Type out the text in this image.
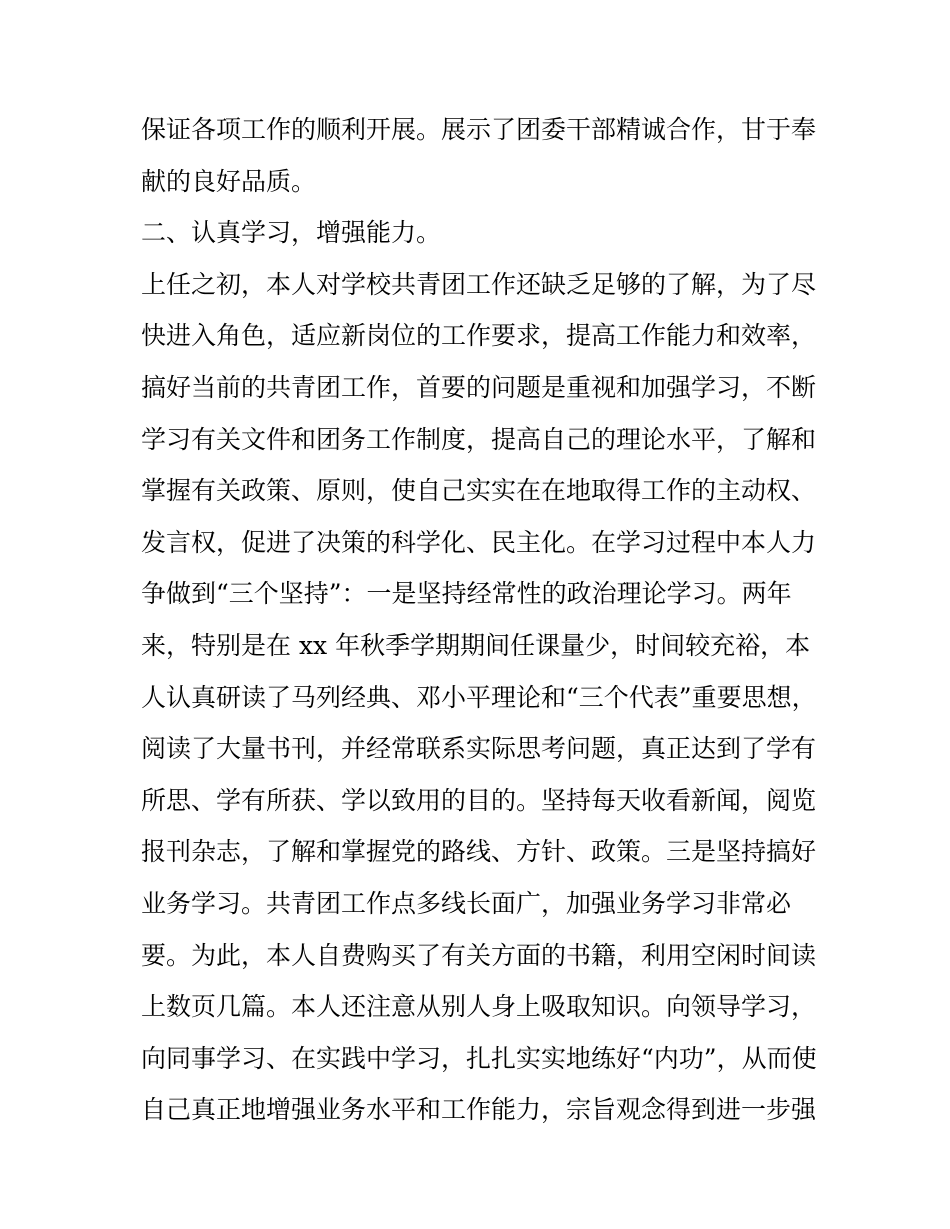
保证各项工作的顺利开展。展示了团委干部精诚合作，甘于奉
献的良好品质。
二、认真学习，增强能力。
上任之初，本人对学校共青团工作还缺乏足够的了解，为了尽
快进入角色，适应新岗位的工作要求，提高工作能力和效率，
搞好当前的共青团工作，首要的问题是重视和加强学习，不断
学习有关文件和团务工作制度，提高自己的理论水平，了解和
掌握有关政策、原则，使自己实实在在地取得工作的主动权、
发言权，促进了决策的科学化、民主化。在学习过程中本人力
争做到“三个坚持”：一是坚持经常性的政治理论学习。两年
来，特别是在 xx 年秋季学期期间任课量少，时间较充裕，本
人认真研读了马列经典、邓小平理论和“三个代表”重要思想，
阅读了大量书刊，并经常联系实际思考问题，真正达到了学有
所思、学有所获、学以致用的目的。坚持每天收看新闻，阅览
报刊杂志，了解和掌握党的路线、方针、政策。三是坚持搞好
业务学习。共青团工作点多线长面广，加强业务学习非常必
要。为此，本人自费购买了有关方面的书籍，利用空闲时间读
上数页几篇。本人还注意从别人身上吸取知识。向领导学习，
向同事学习、在实践中学习，扎扎实实地练好“内功”，从而使
自己真正地增强业务水平和工作能力，宗旨观念得到进一步强
